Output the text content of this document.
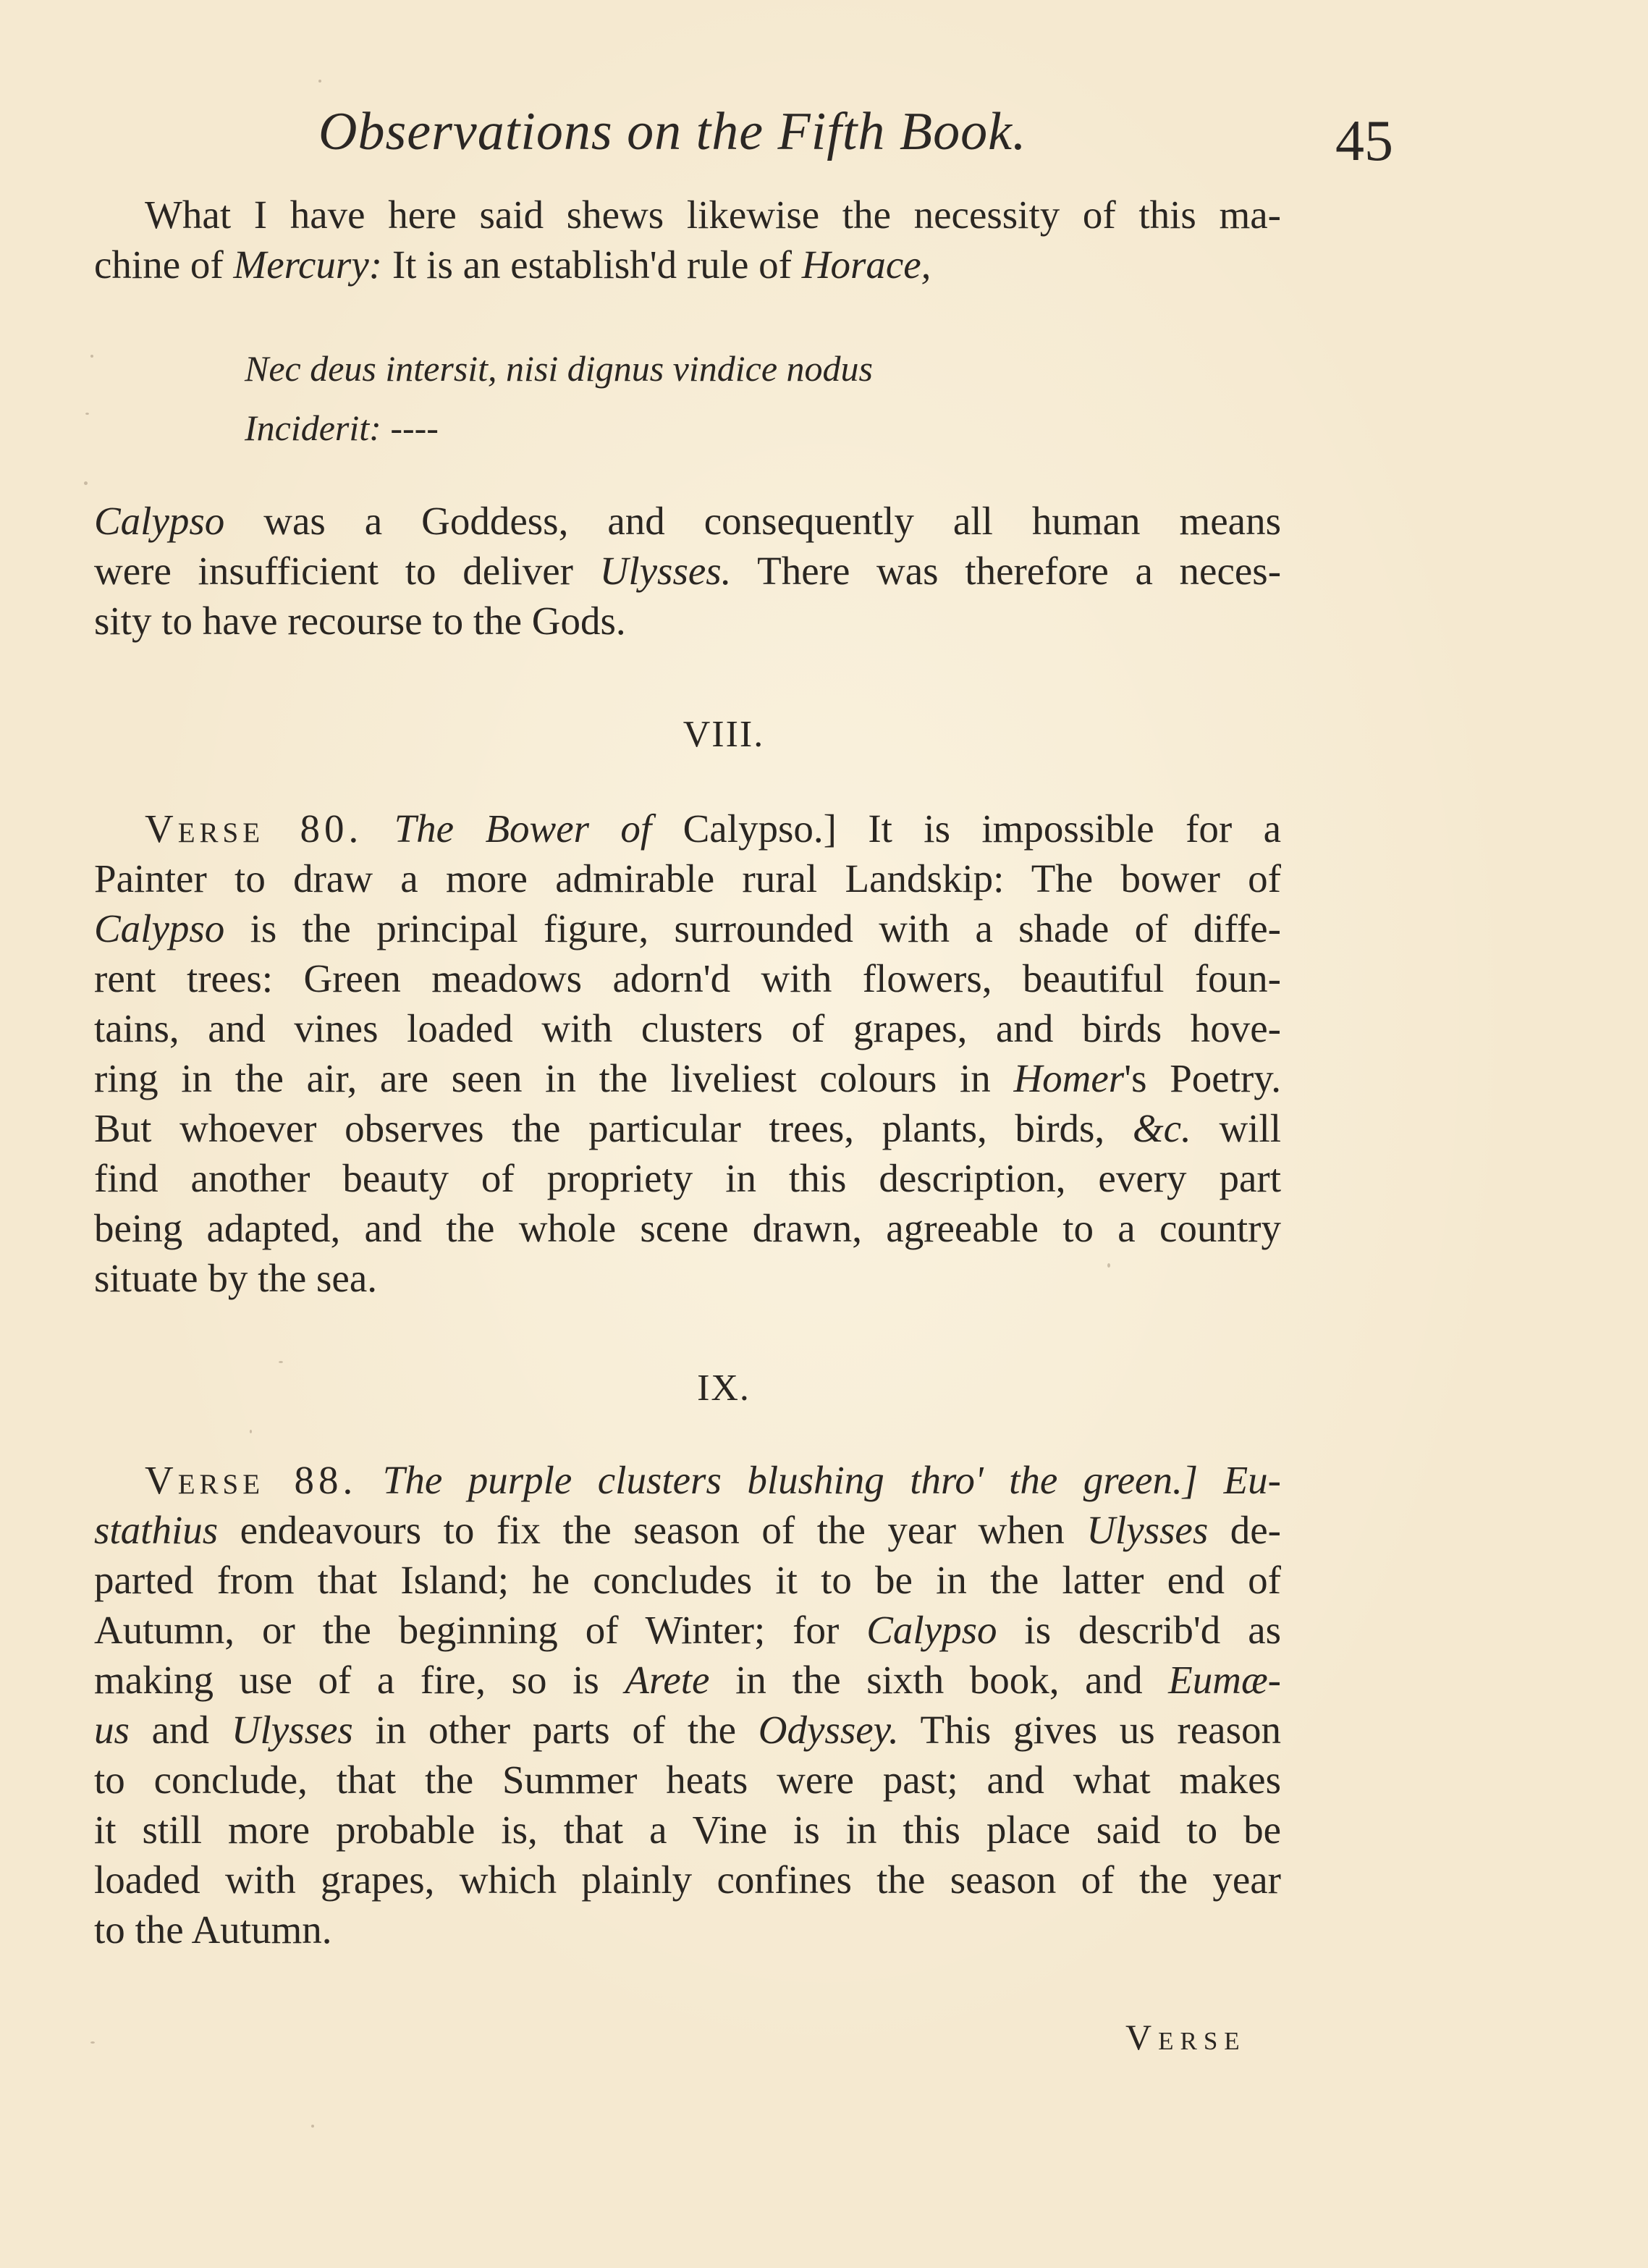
Observations on the Fifth Book.	45
What I have here said shews likewise the necessity of this ma-
chine of Mercury: It is an establish'd rule of Horace,
Nec deus intersit, nisi dignus vindice nodus
Inciderit: ----
Calypso was a Goddess, and consequently all human means
were insufficient to deliver Ulysses. There was therefore a neces-
sity to have recourse to the Gods.
VIII.
Verse 80. The Bower of Calypso.] It is impossible for a
Painter to draw a more admirable rural Landskip: The bower of
Calypso is the principal figure, surrounded with a shade of diffe-
rent trees: Green meadows adorn'd with flowers, beautiful foun-
tains, and vines loaded with clusters of grapes, and birds hove-
ring in the air, are seen in the liveliest colours in Homer's Poetry.
But whoever observes the particular trees, plants, birds, &c. will
find another beauty of propriety in this description, every part
being adapted, and the whole scene drawn, agreeable to a country
situate by the sea.
IX.
Verse 88. The purple clusters blushing thro' the green.] Eu-
stathius endeavours to fix the season of the year when Ulysses de-
parted from that Island; he concludes it to be in the latter end of
Autumn, or the beginning of Winter; for Calypso is describ'd as
making use of a fire, so is Arete in the sixth book, and Eumæ-
us and Ulysses in other parts of the Odyssey. This gives us reason
to conclude, that the Summer heats were past; and what makes
it still more probable is, that a Vine is in this place said to be
loaded with grapes, which plainly confines the season of the year
to the Autumn.
Verse
